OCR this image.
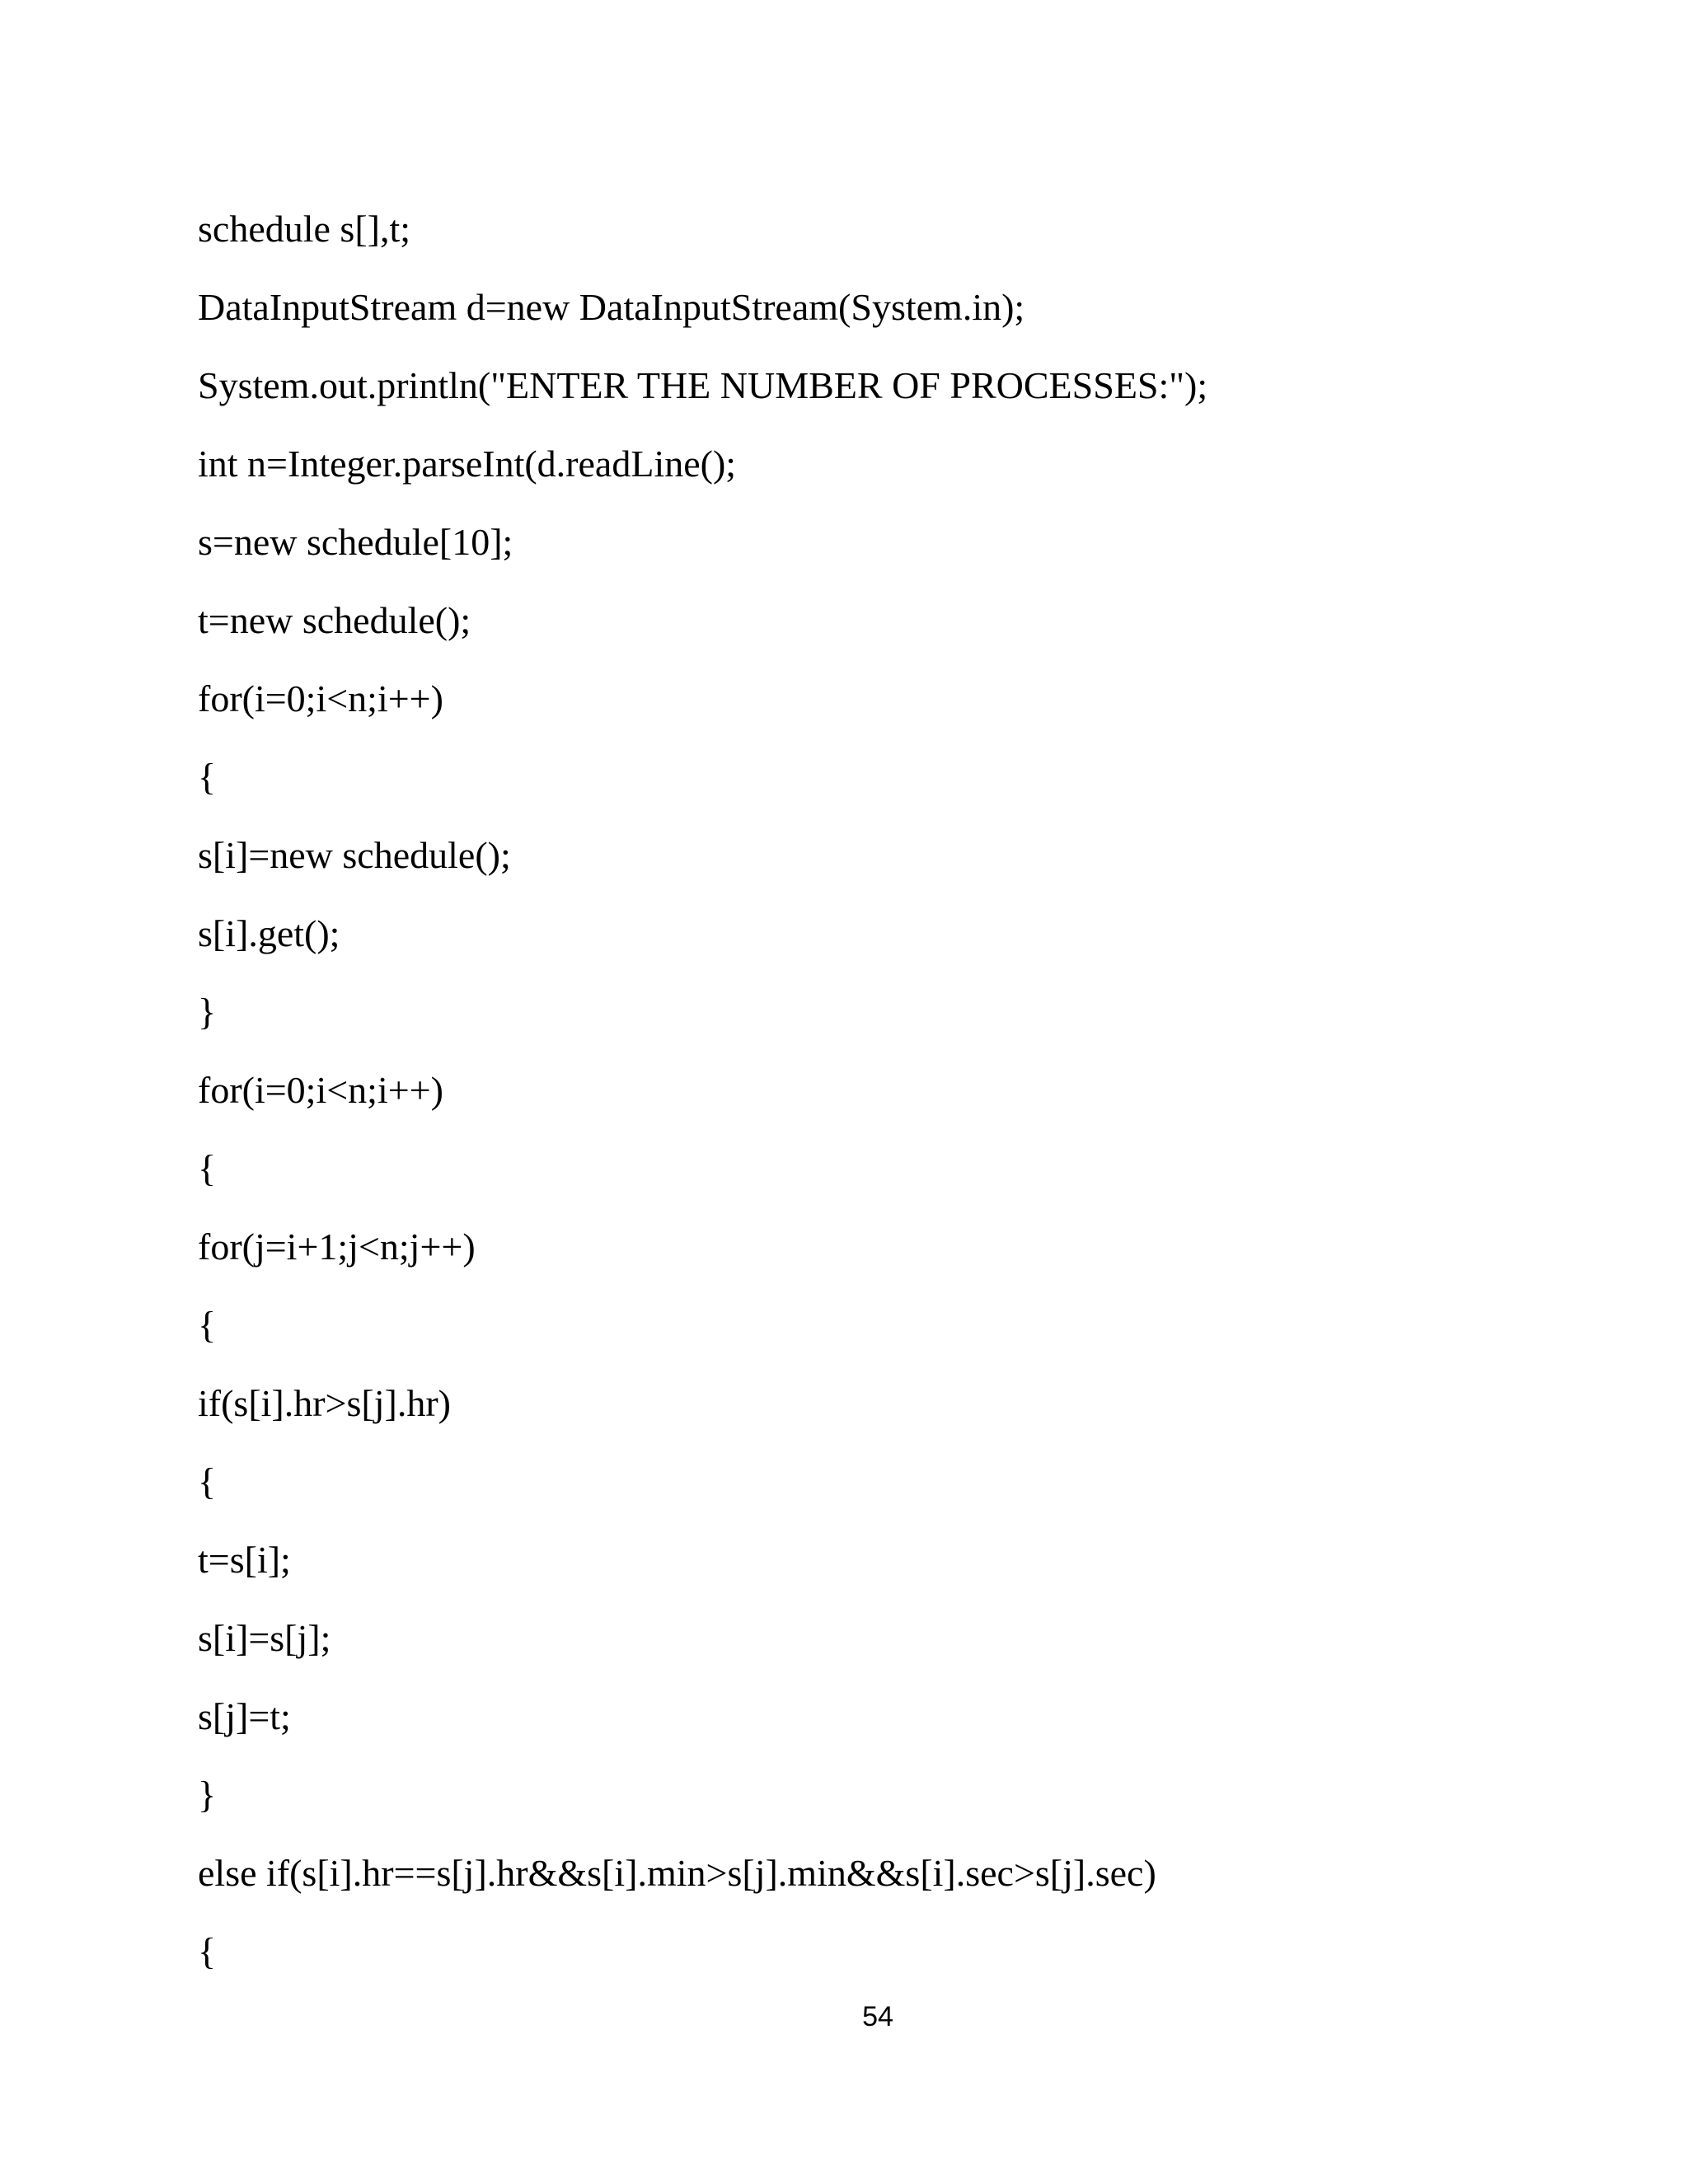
schedule s[],t;
DataInputStream d=new DataInputStream(System.in);
System.out.println("ENTER THE NUMBER OF PROCESSES:");
int n=Integer.parseInt(d.readLine();
s=new schedule[10];
t=new schedule();
for(i=0;i<n;i++)
{
s[i]=new schedule();
s[i].get();
}
for(i=0;i<n;i++)
{
for(j=i+1;j<n;j++)
{
if(s[i].hr>s[j].hr)
{
t=s[i];
s[i]=s[j];
s[j]=t;
}
else if(s[i].hr==s[j].hr&&s[i].min>s[j].min&&s[i].sec>s[j].sec)
{
54
